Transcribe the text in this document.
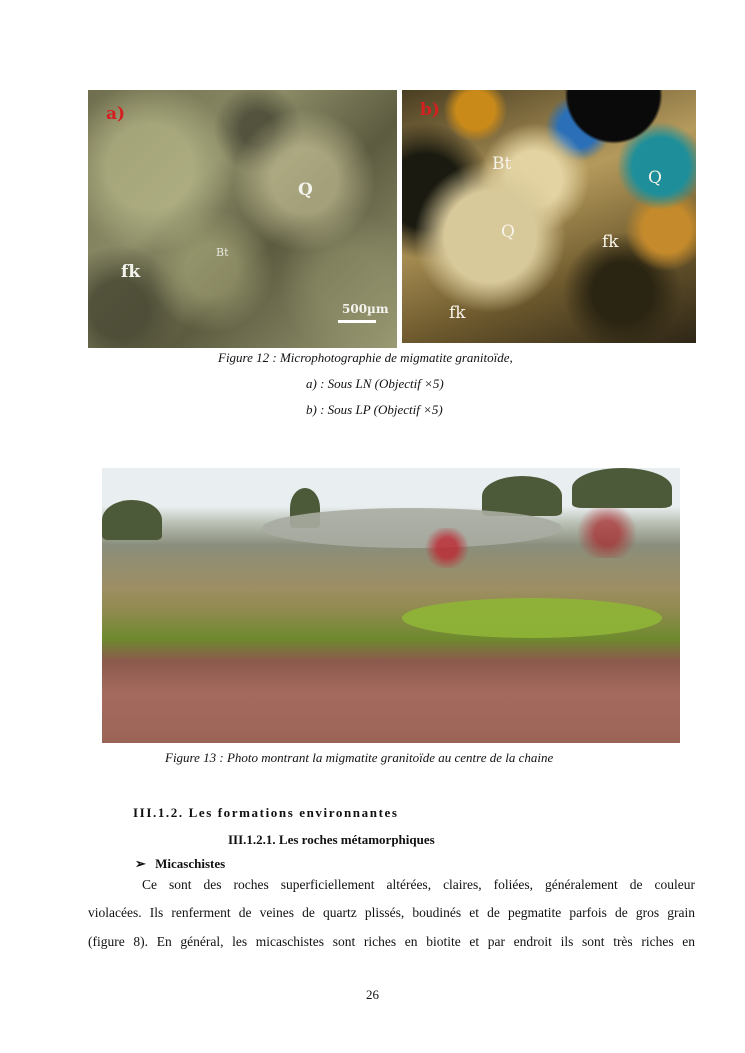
a)
Q
Bt
fk
500µm
b)
Bt
Q
Q	fk
fk
Figure 12 : Microphotographie de migmatite granitoïde,
a) : Sous LN (Objectif ×5)
b) : Sous LP (Objectif ×5)
Figure 13 : Photo montrant la migmatite granitoïde au centre de la chaine
III.1.2. Les formations environnantes
III.1.2.1. Les roches métamorphiques
➢ Micaschistes
Ce sont des roches superficiellement altérées, claires, foliées, généralement de couleur
violacées. Ils renferment de veines de quartz plissés, boudinés et de pegmatite parfois de gros grain
(figure 8). En général, les micaschistes sont riches en biotite et par endroit ils sont très riches en
26
